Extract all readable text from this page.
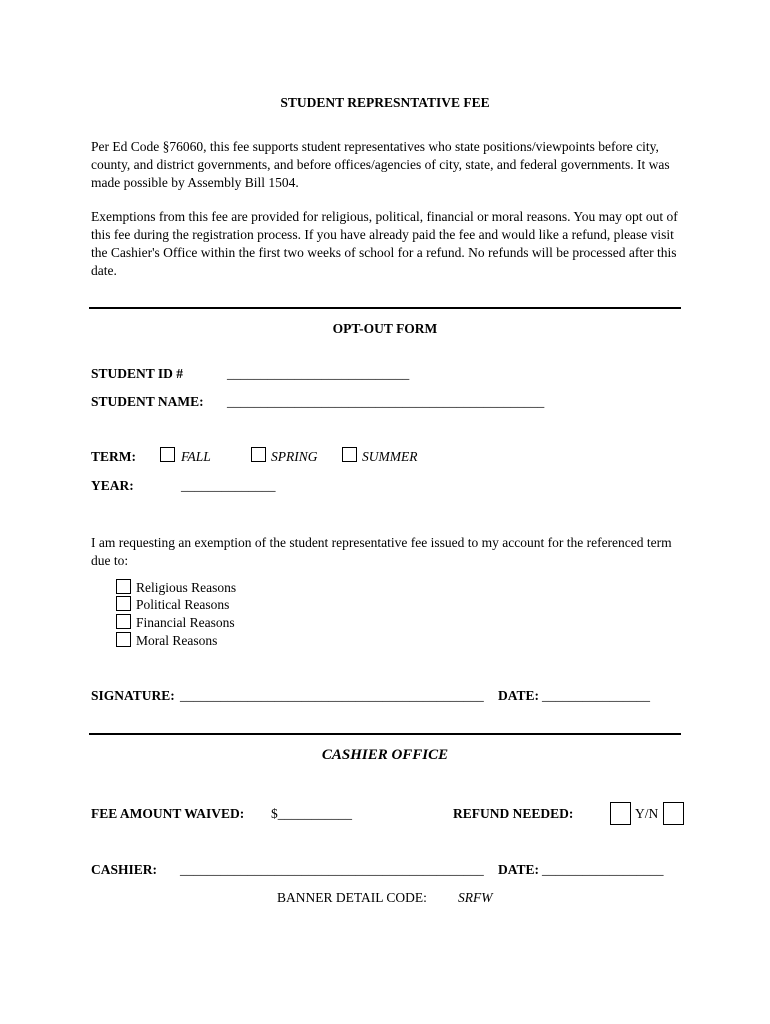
STUDENT REPRESNTATIVE FEE
Per Ed Code §76060, this fee supports student representatives who state positions/viewpoints before city, county, and district governments, and before offices/agencies of city, state, and federal governments. It was made possible by Assembly Bill 1504.
Exemptions from this fee are provided for religious, political, financial or moral reasons. You may opt out of this fee during the registration process. If you have already paid the fee and would like a refund, please visit the Cashier's Office within the first two weeks of school for a refund. No refunds will be processed after this date.
OPT-OUT FORM
STUDENT ID #	___________________________
STUDENT NAME: _______________________________________________
TERM:	FALL	SPRING	SUMMER
YEAR:	______________
I am requesting an exemption of the student representative fee issued to my account for the referenced term due to:
Religious Reasons
Political Reasons
Financial Reasons
Moral Reasons
SIGNATURE: _____________________________________________ DATE: ________________
CASHIER OFFICE
FEE AMOUNT WAIVED: $___________	REFUND NEEDED:	Y/N
CASHIER: _____________________________________________ DATE: __________________
BANNER DETAIL CODE: SRFW
